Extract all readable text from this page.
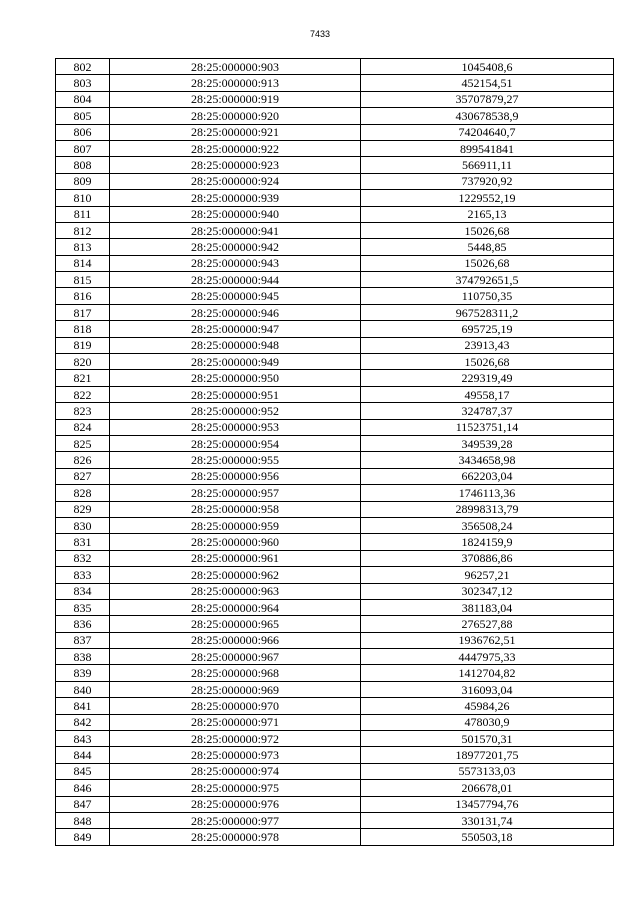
7433
802	28:25:000000:903	1045408,6
803	28:25:000000:913	452154,51
804	28:25:000000:919	35707879,27
805	28:25:000000:920	430678538,9
806	28:25:000000:921	74204640,7
807	28:25:000000:922	899541841
808	28:25:000000:923	566911,11
809	28:25:000000:924	737920,92
810	28:25:000000:939	1229552,19
811	28:25:000000:940	2165,13
812	28:25:000000:941	15026,68
813	28:25:000000:942	5448,85
814	28:25:000000:943	15026,68
815	28:25:000000:944	374792651,5
816	28:25:000000:945	110750,35
817	28:25:000000:946	967528311,2
818	28:25:000000:947	695725,19
819	28:25:000000:948	23913,43
820	28:25:000000:949	15026,68
821	28:25:000000:950	229319,49
822	28:25:000000:951	49558,17
823	28:25:000000:952	324787,37
824	28:25:000000:953	11523751,14
825	28:25:000000:954	349539,28
826	28:25:000000:955	3434658,98
827	28:25:000000:956	662203,04
828	28:25:000000:957	1746113,36
829	28:25:000000:958	28998313,79
830	28:25:000000:959	356508,24
831	28:25:000000:960	1824159,9
832	28:25:000000:961	370886,86
833	28:25:000000:962	96257,21
834	28:25:000000:963	302347,12
835	28:25:000000:964	381183,04
836	28:25:000000:965	276527,88
837	28:25:000000:966	1936762,51
838	28:25:000000:967	4447975,33
839	28:25:000000:968	1412704,82
840	28:25:000000:969	316093,04
841	28:25:000000:970	45984,26
842	28:25:000000:971	478030,9
843	28:25:000000:972	501570,31
844	28:25:000000:973	18977201,75
845	28:25:000000:974	5573133,03
846	28:25:000000:975	206678,01
847	28:25:000000:976	13457794,76
848	28:25:000000:977	330131,74
849	28:25:000000:978	550503,18
